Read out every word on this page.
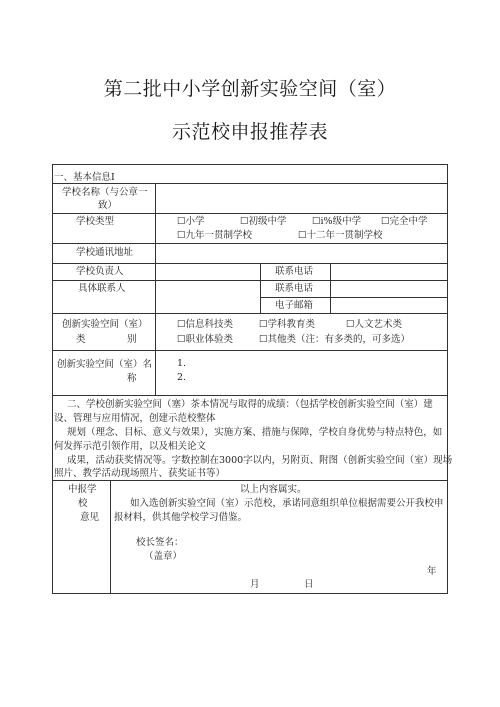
第二批中小学创新实验空间（室）
示范校申报推荐表
一、基本信息I
学校名称（与公章一
致）
学校类型	☐小学	☐初级中学	☐i%级中学 ☐完全中学
☐九年一贯制学校	☐十二年一贯制学校
学校通讯地址
学校负责人	联系电话
具体联系人	联系电话
电子邮箱
创新实验空间（室）
类	别
☐信息科技类	☐学科教育类	☐人文艺术类
☐职业体验类	☐其他类（注：有多类的，可多选）
创新实验空间（室）名
称
1.
2.
二、学校创新实验空间（塞）茶本情况与取得的成绩：（包括学校创新实验空间（室）建
设、管理与应用情况，创建示范校整体
规划（理念、目标、意义与效果），实施方案、措施与保障，学校自身优势与特点特色，如
何发挥示范引领作用，以及相关论文
成果，活动获奖情况等。字数控制在3000字以内，另附页、附图（创新实验空间（室）现场
照片、教学活动现场照片、获奖证书等）
中报学
校
意见
以上内容属实。
如入选创新实验空间（室）示范校，承诺同意组织单位根据需要公开我校申
报材料，供其他学校学习借鉴。
校长签名：
（盖章）
年
月	日
